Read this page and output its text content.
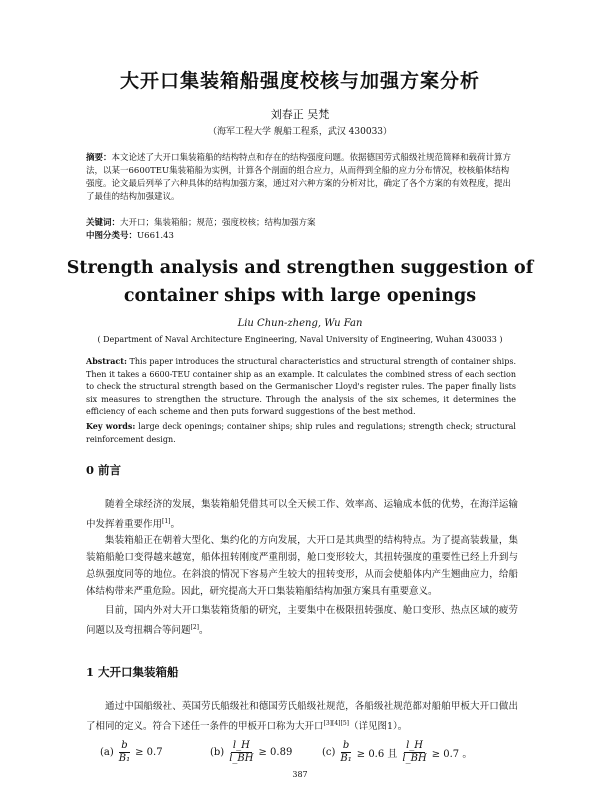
大开口集装箱船强度校核与加强方案分析
刘春正 吴梵
（海军工程大学 舰船工程系，武汉 430033）
摘要：本文论述了大开口集装箱船的结构特点和存在的结构强度问题。依据德国劳式船级社规范简释和载荷计算方法，以某一6600TEU集装箱船为实例，计算各个剖面的组合应力，从而得到全船的应力分布情况，校核船体结构强度。论文最后列举了六种具体的结构加强方案，通过对六种方案的分析对比，确定了各个方案的有效程度，提出了最佳的结构加强建议。
关键词：大开口；集装箱船；规范；强度校核；结构加强方案
中图分类号：U661.43
Strength analysis and strengthen suggestion of container ships with large openings
Liu Chun-zheng, Wu Fan
( Department of Naval Architecture Engineering, Naval University of Engineering, Wuhan 430033 )
Abstract: This paper introduces the structural characteristics and structural strength of container ships. Then it takes a 6600-TEU container ship as an example. It calculates the combined stress of each section to check the structural strength based on the Germanischer Lloyd's register rules. The paper finally lists six measures to strengthen the structure. Through the analysis of the six schemes, it determines the efficiency of each scheme and then puts forward suggestions of the best method.
Key words: large deck openings; container ships; ship rules and regulations; strength check; structural reinforcement design.
0 前言
随着全球经济的发展，集装箱船凭借其可以全天候工作、效率高、运输成本低的优势，在海洋运输中发挥着重要作用[1]。
集装箱船正在朝着大型化、集约化的方向发展，大开口是其典型的结构特点。为了提高装载量，集装箱船舱口变得越来越宽，船体扭转刚度严重削弱，舱口变形较大，其扭转强度的重要性已经上升到与总纵强度同等的地位。在斜浪的情况下容易产生较大的扭转变形，从而会使船体内产生翘曲应力，给船体结构带来严重危险。因此，研究提高大开口集装箱船结构加强方案具有重要意义。
目前，国内外对大开口集装箱货船的研究，主要集中在极限扭转强度、舱口变形、热点区域的疲劳问题以及弯扭耦合等问题[2]。
1 大开口集装箱船
通过中国船级社、英国劳氏船级社和德国劳氏船级社规范，各船级社规范都对船舶甲板大开口做出了相同的定义。符合下述任一条件的甲板开口称为大开口[3][4][5]（详见图1）。
$(a) \frac{b}{\text{B₁}} \ge 0.7$	$(b) \frac{l\_H}{l\_BH} \ge 0.89$	$(c) \frac{b}{\text{B₁}} \ge 0.6$ 且 $\frac{l\_H}{l\_BH} \ge 0.7$ 。
387
